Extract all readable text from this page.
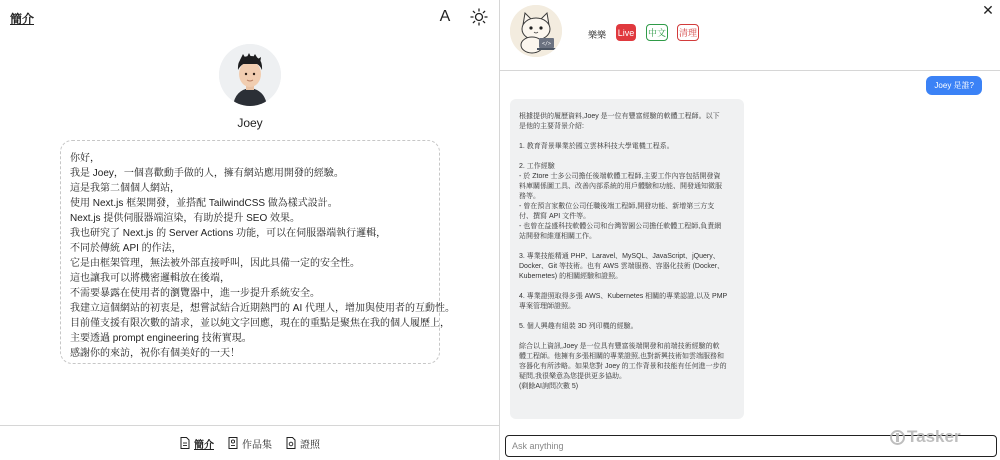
簡介	A
Joey

你好，

我是 Joey，一個喜歡動手做的人，擁有網站應用開發的經驗。

這是我第二個個人網站，

使用 Next.js 框架開發，並搭配 TailwindCSS 做為樣式設計。

Next.js 提供伺服器端渲染，有助於提升 SEO 效果。

我也研究了 Next.js 的 Server Actions 功能，可以在伺服器端執行邏輯，

不同於傳統 API 的作法，

它是由框架管理，無法被外部直接呼叫，因此具備一定的安全性。

這也讓我可以將機密邏輯放在後端，

不需要暴露在使用者的瀏覽器中，進一步提升系統安全。

我建立這個網站的初衷是，想嘗試結合近期熱門的 AI 代理人，增加與使用者的互動性。

目前僅支援有限次數的請求，並以純文字回應，現在的重點是聚焦在我的個人履歷上，

主要透過 prompt engineering 技術實現。

感謝你的來訪，祝你有個美好的一天！

簡介	作品集	證照
</>
樂樂 Live 中文 清理
✕
Joey 是誰?

根據提供的履歷資料,Joey 是一位有豐富經驗的軟體工程師。以下

是他的主要背景介紹:

1. 教育背景畢業於國立雲林科技大學電機工程系。

2. 工作經驗

- 於 Ztore 士多公司擔任後端軟體工程師,主要工作內容包括開發資

料庫關係圖工具、改善內部系統的用戶體驗和功能、開發通知微服

務等。

- 曾在預言家數位公司任職後端工程師,開發功能、新增第三方支

付、撰寫 API 文件等。

- 也曾在益盛科技軟體公司和台灣智園公司擔任軟體工程師,負責網

站開發和維運相關工作。

3. 專業技能精通 PHP、Laravel、MySQL、JavaScript、jQuery、

Docker、Git 等技術。也有 AWS 雲端服務、容器化技術 (Docker、

Kubernetes) 的相關經驗和證照。

4. 專業證照取得多張 AWS、Kubernetes 相關的專業認證,以及 PMP

專案管理師證照。

5. 個人興趣有組裝 3D 列印機的經驗。

綜合以上資訊,Joey 是一位具有豐富後端開發和前端技術經驗的軟

體工程師。他擁有多張相關的專業證照,也對新興技術如雲端服務和

容器化有所涉略。如果您對 Joey 的工作背景和技能有任何進一步的

疑問,我很樂意為您提供更多協助。

(剩餘AI詢問次數 5)

Ask anything
Tasker
